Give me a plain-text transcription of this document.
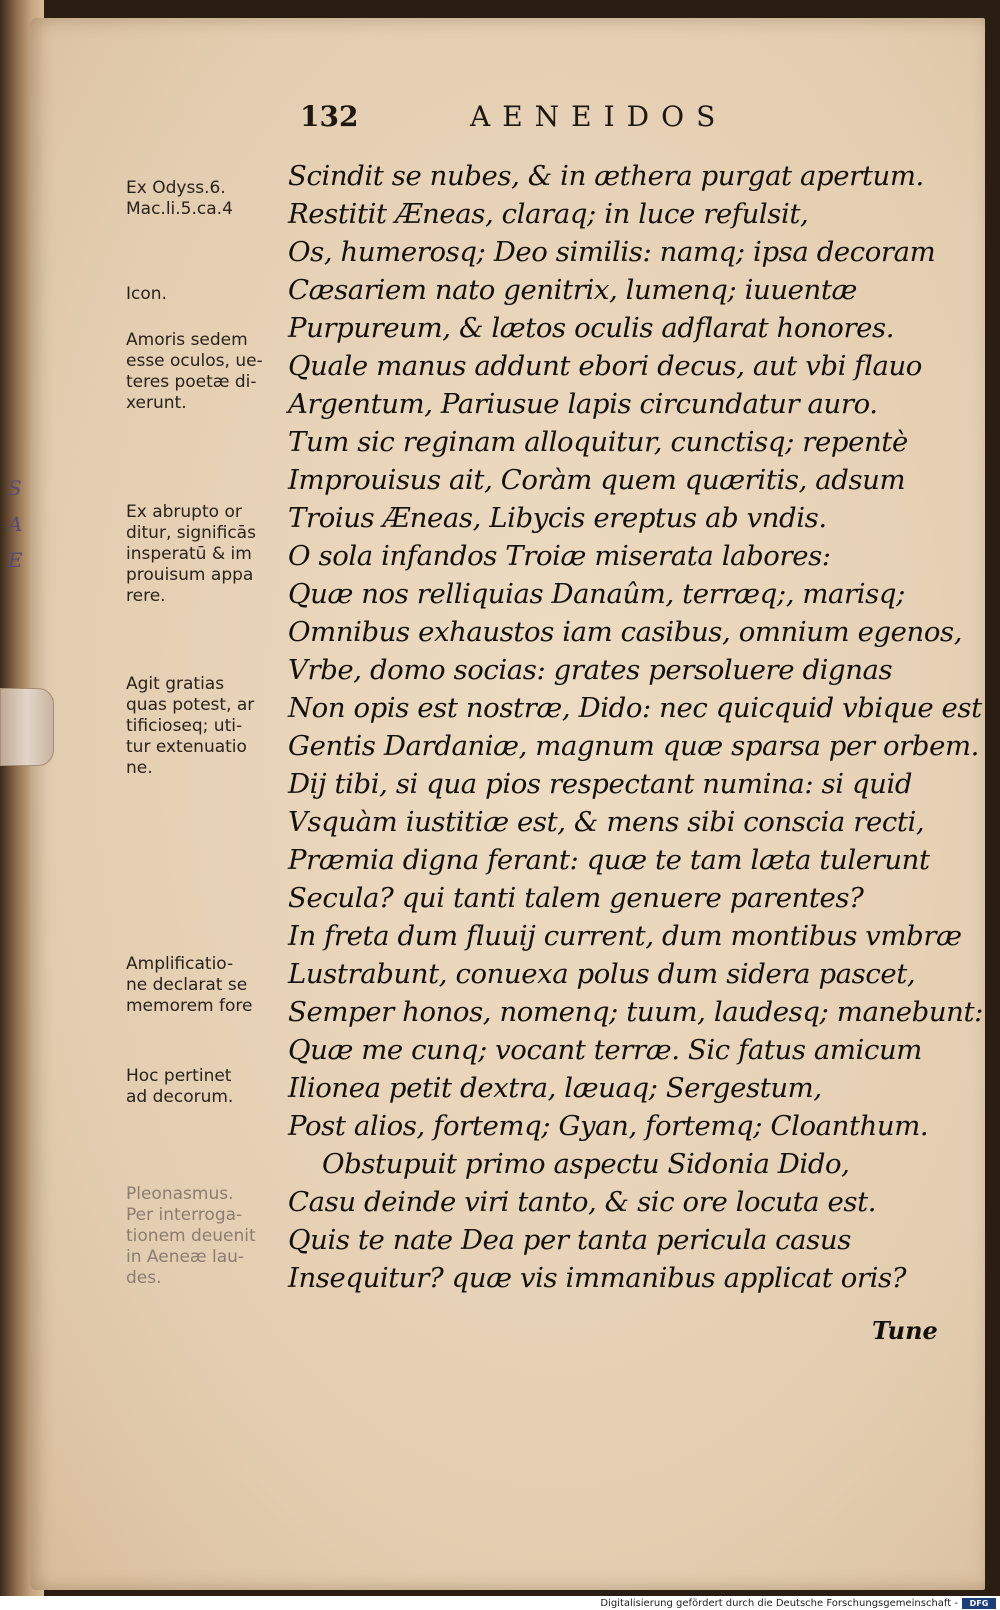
S
A
E
132	AENEIDOS
Ex Odyss.6.
Mac.li.5.ca.4
Icon.
Amoris sedem
esse oculos, ue-
teres poetæ di-
xerunt.
Ex abrupto or
ditur, significās
insperatū & im
prouisum appa
rere.
Agit gratias
quas potest, ar
tificioseq; uti-
tur extenuatio
ne.
Amplificatio-
ne declarat se
memorem fore
Hoc pertinet
ad decorum.
Pleonasmus.
Per interroga-
tionem deuenit
in Aeneæ lau-
des.
Scindit se nubes, & in æthera purgat apertum.
Restitit Æneas, claraq; in luce refulsit,
Os, humerosq; Deo similis: namq; ipsa decoram
Cæsariem nato genitrix, lumenq; iuuentæ
Purpureum, & lætos oculis adflarat honores.
Quale manus addunt ebori decus, aut vbi flauo
Argentum, Pariusue lapis circundatur auro.
Tum sic reginam alloquitur, cunctisq; repentè
Improuisus ait, Coràm quem quæritis, adsum
Troius Æneas, Libycis ereptus ab vndis.
O sola infandos Troiæ miserata labores:
Quæ nos relliquias Danaûm, terræq;, marisq;
Omnibus exhaustos iam casibus, omnium egenos,
Vrbe, domo socias: grates persoluere dignas
Non opis est nostræ, Dido: nec quicquid vbique est
Gentis Dardaniæ, magnum quæ sparsa per orbem.
Dij tibi, si qua pios respectant numina: si quid
Vsquàm iustitiæ est, & mens sibi conscia recti,
Præmia digna ferant: quæ te tam læta tulerunt
Secula? qui tanti talem genuere parentes?
In freta dum fluuij current, dum montibus vmbræ
Lustrabunt, conuexa polus dum sidera pascet,
Semper honos, nomenq; tuum, laudesq; manebunt:
Quæ me cunq; vocant terræ. Sic fatus amicum
Ilionea petit dextra, læuaq; Sergestum,
Post alios, fortemq; Gyan, fortemq; Cloanthum.
Obstupuit primo aspectu Sidonia Dido,
Casu deinde viri tanto, & sic ore locuta est.
Quis te nate Dea per tanta pericula casus
Insequitur? quæ vis immanibus applicat oris?
Tune
Digitalisierung gefördert durch die Deutsche Forschungsgemeinschaft -	DFG
